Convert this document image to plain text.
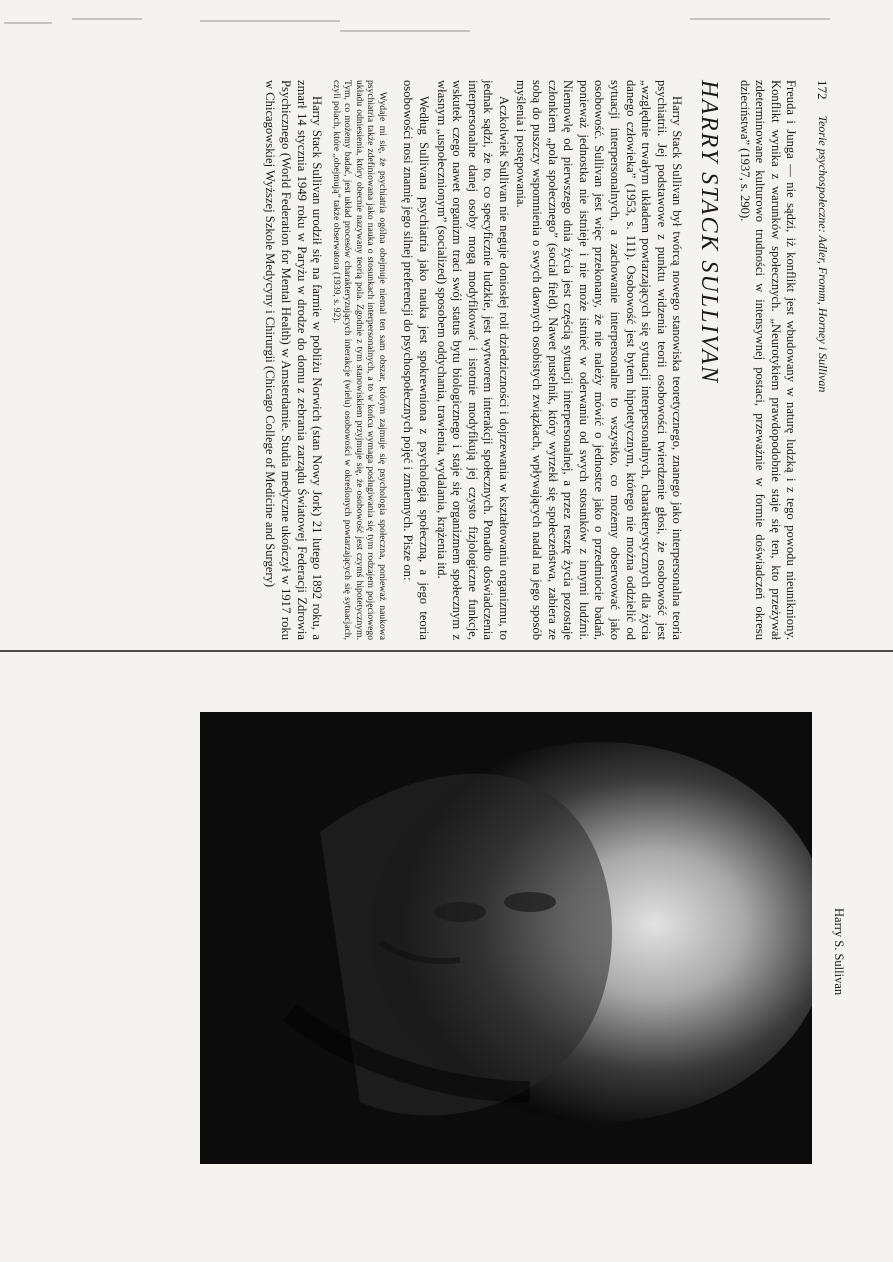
172
Teorie psychospołeczne: Adler, Fromm, Horney i Sullivan

Freuda i Junga — nie sądzi, iż konflikt jest wbudowany w naturę ludzką i z tego powodu nieunikniony. Konflikt wynika z warunków społecznych. „Neurotykiem prawdopodobnie staje się ten, kto przeżywał zdeterminowane kulturowo trudności w intensywnej postaci, przeważnie w formie doświadczeń okresu dzieciństwa” (1937, s. 290).

HARRY STACK SULLIVAN

Harry Stack Sullivan był twórcą nowego stanowiska teoretycznego, znanego jako interpersonalna teoria psychiatrii. Jej podstawowe z punktu widzenia teorii osobowości twierdzenie głosi, że osobowość jest „względnie trwałym układem powtarzających się sytuacji interpersonalnych, charakterystycznych dla życia danego człowieka” (1953, s. 111). Osobowość jest bytem hipotetycznym, którego nie można oddzielić od sytuacji interpersonalnych, a zachowanie interpersonalne to wszystko, co możemy obserwować jako osobowość. Sullivan jest więc przekonany, że nie należy mówić o jednostce jako o przedmiocie badań, ponieważ jednostka nie istnieje i nie może istnieć w oderwaniu od swych stosunków z innymi ludźmi. Niemowlę od pierwszego dnia życia jest częścią sytuacji interpersonalnej, a przez resztę życia pozostaje członkiem „pola społecznego” (social field). Nawet pustelnik, który wyrzekł się społeczeństwa, zabiera ze sobą do puszczy wspomnienia o swych dawnych osobistych związkach, wpływających nadal na jego sposób myślenia i postępowania.

Aczkolwiek Sullivan nie neguje doniosłej roli dziedziczności i dojrzewania w kształtowaniu organizmu, to jednak sądzi, że to, co specyficznie ludzkie, jest wytworem interakcji społecznych. Ponadto doświadczenia interpersonalne danej osoby mogą modyfikować i istotnie modyfikują jej czysto fizjologiczne funkcje, wskutek czego nawet organizm traci swój status bytu biologicznego i staje się organizmem społecznym z własnym „uspołecznionym” (socialized) sposobem oddychania, trawienia, wydalania, krążenia itd.

Według Sullivana psychiatria jako nauka jest spokrewniona z psychologią społeczną, a jego teoria osobowości nosi znamię jego silnej preferencji do psychospołecznych pojęć i zmiennych. Pisze on:

Wydaje mi się, że psychiatria ogólna obejmuje niemal ten sam obszar, którym zajmuje się psychologia społeczna, ponieważ naukowa psychiatria także zdefiniowana jako nauka o stosunkach interpersonalnych, a to w końcu wymaga posługiwania się tym rodzajem pojęciowego układu odniesienia, który obecnie nazywany teorią pola. Zgodnie z tym stanowiskiem przyjmuje się, że osobowość jest czymś hipotetycznym. Tym, co możemy badać, jest układ procesów charakteryzujących interakcje (wielu) osobowości w określonych powtarzających się sytuacjach, czyli polach, które „obejmują” także obserwatora (1939, s. 92).

Harry Stack Sullivan urodził się na farmie w pobliżu Norwich (stan Nowy Jork) 21 lutego 1892 roku, a zmarł 14 stycznia 1949 roku w Paryżu w drodze do domu z zebrania zarządu Światowej Federacji Zdrowia Psychicznego (World Federation for Mental Health) w Amsterdamie. Studia medyczne ukończył w 1917 roku w Chicagowskiej Wyższej Szkole Medycyny i Chirurgii (Chicago College of Medicine and Surgery)

Harry S. Sullivan
